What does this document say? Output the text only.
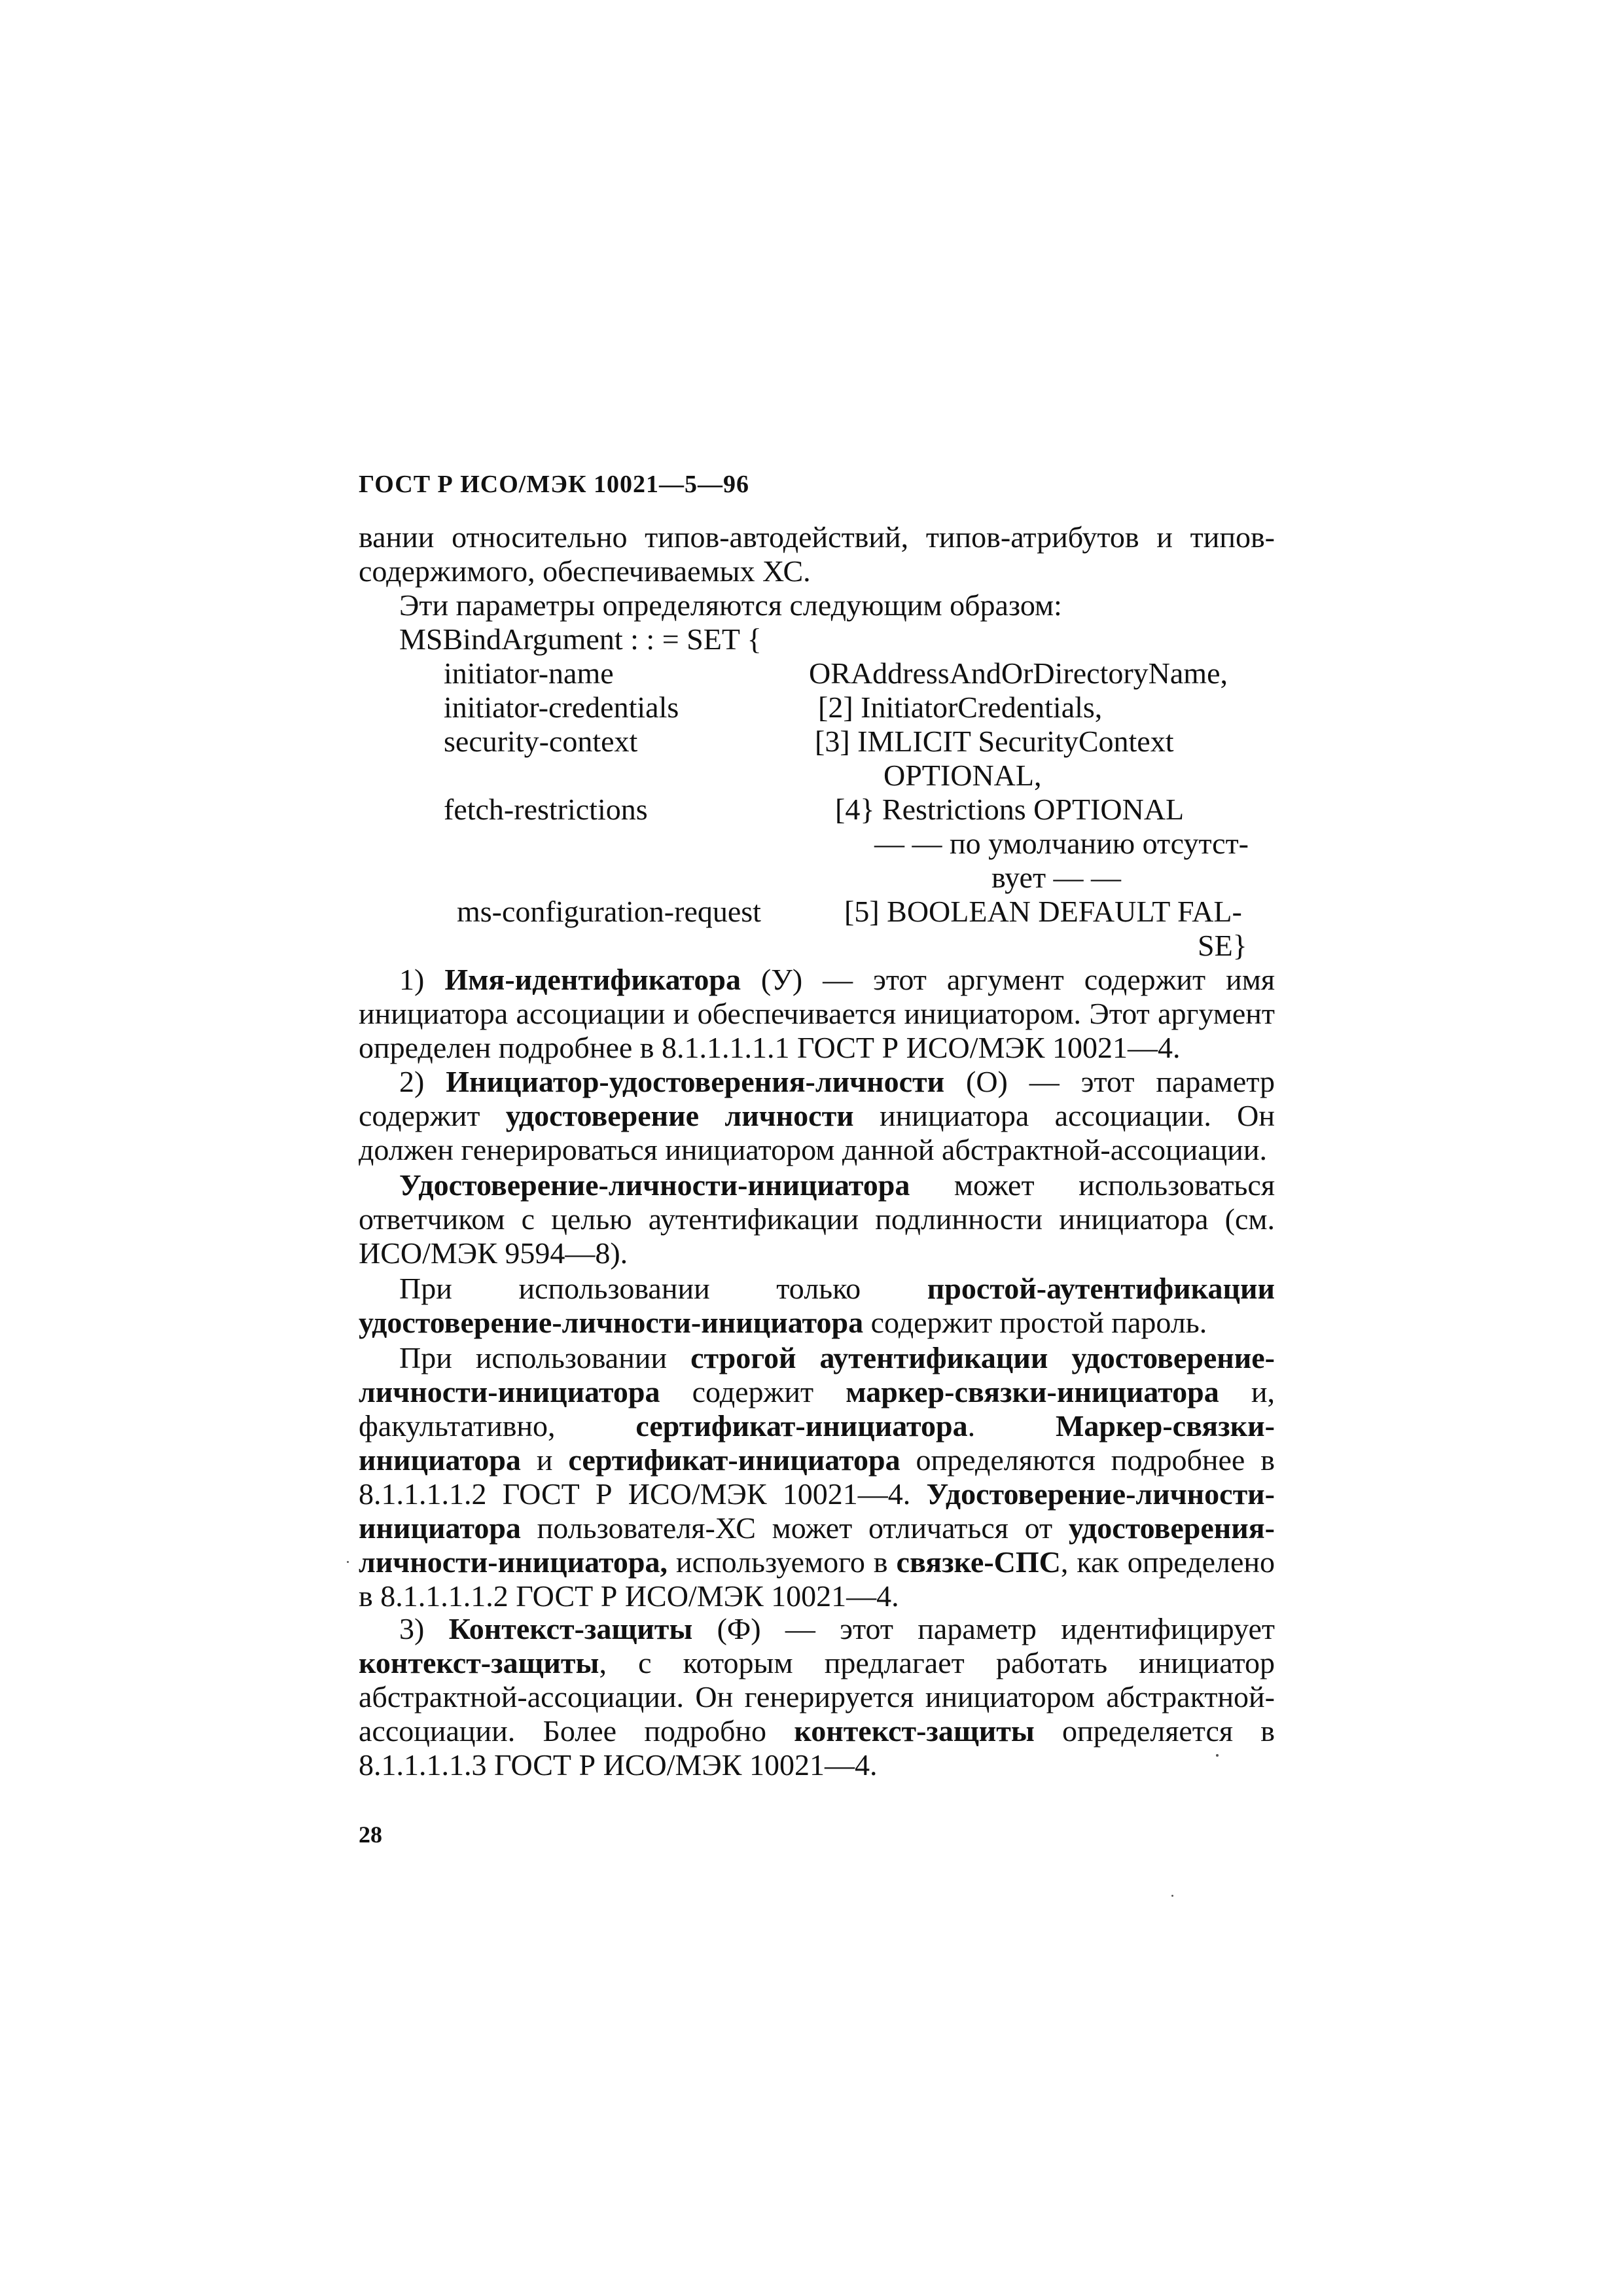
ГОСТ Р ИСО/МЭК 10021—5—96
вании относительно типов-автодействий, типов-атрибутов и типов-содержимого, обеспечиваемых ХС.
Эти параметры определяются следующим образом:
MSBindArgument : : = SET {
initiator-name	ORAddressAndOrDirectoryName,
initiator-credentials	[2] InitiatorCredentials,
security-context	[3] IMLICIT SecurityContext
OPTIONAL,
fetch-restrictions	[4} Restrictions OPTIONAL
— — по умолчанию отсутст-
вует — —
ms-configuration-request	[5] BOOLEAN DEFAULT FAL-
SE}
1) Имя-идентификатора (У) — этот аргумент содержит имя инициатора ассоциации и обеспечивается инициатором. Этот аргумент определен подробнее в 8.1.1.1.1.1 ГОСТ Р ИСО/МЭК 10021—4.
2) Инициатор-удостоверения-личности (О) — этот параметр содержит удостоверение личности инициатора ассоциации. Он должен генерироваться инициатором данной абстрактной-ассоциации.
Удостоверение-личности-инициатора может использоваться ответчиком с целью аутентификации подлинности инициатора (см. ИСО/МЭК 9594—8).
При использовании только простой-аутентификации удостоверение-личности-инициатора содержит простой пароль.
При использовании строгой аутентификации удостоверение-личности-инициатора содержит маркер-связки-инициатора и, факультативно, сертификат-инициатора. Маркер-связки-инициатора и сертификат-инициатора определяются подробнее в 8.1.1.1.1.2 ГОСТ Р ИСО/МЭК 10021—4. Удостоверение-личности-инициатора пользователя-ХС может отличаться от удостоверения-личности-инициатора, используемого в связке-СПС, как определено в 8.1.1.1.1.2 ГОСТ Р ИСО/МЭК 10021—4.
3) Контекст-защиты (Ф) — этот параметр идентифицирует контекст-защиты, с которым предлагает работать инициатор абстрактной-ассоциации. Он генерируется инициатором абстрактной-ассоциации. Более подробно контекст-защиты определяется в 8.1.1.1.1.3 ГОСТ Р ИСО/МЭК 10021—4.
28
